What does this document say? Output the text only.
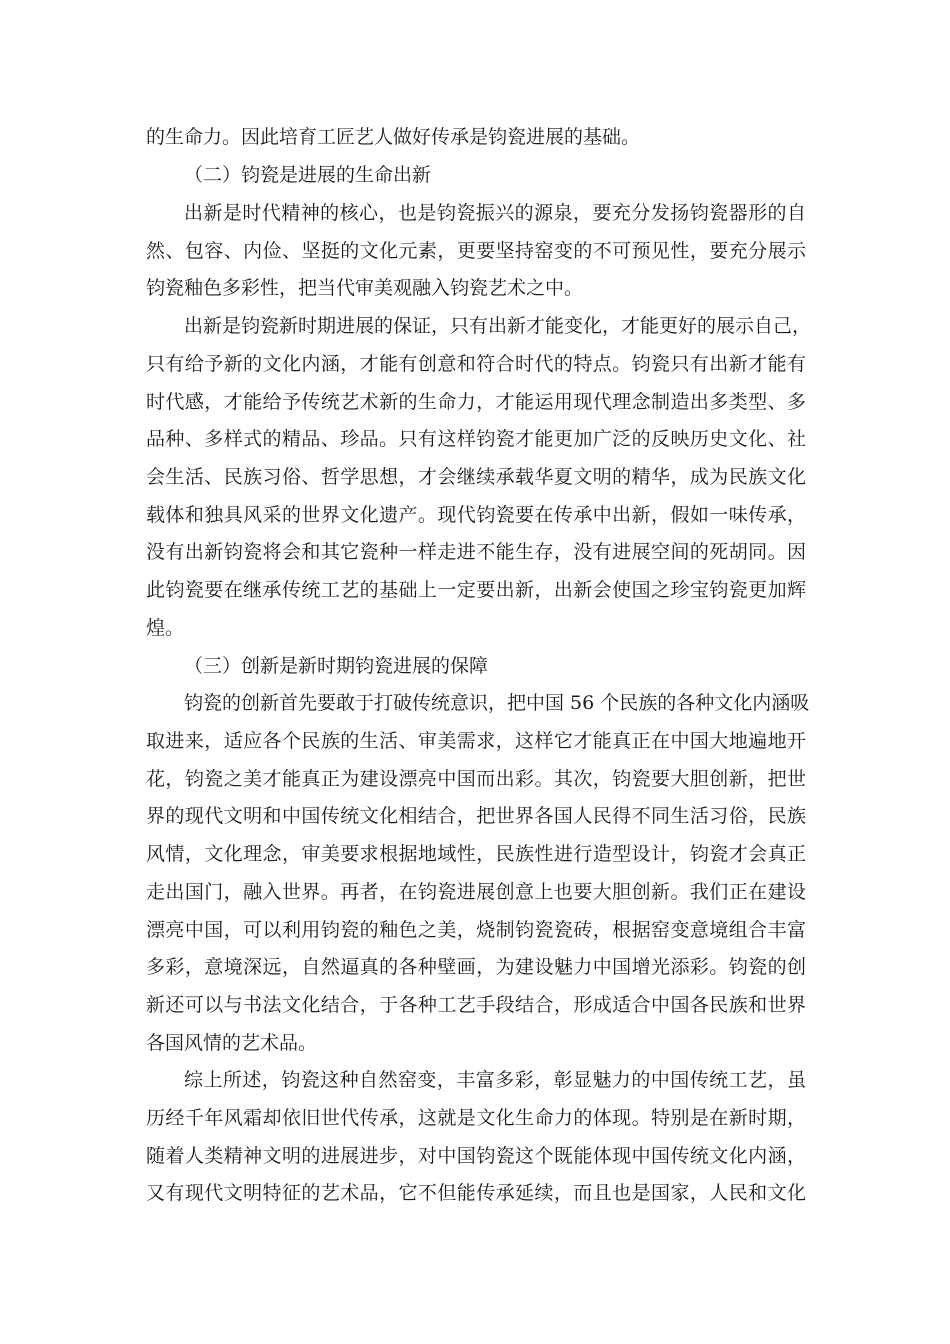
的生命力。因此培育工匠艺人做好传承是钧瓷进展的基础。
（二）钧瓷是进展的生命出新
出新是时代精神的核心，也是钧瓷振兴的源泉，要充分发扬钧瓷器形的自
然、包容、内俭、坚挺的文化元素，更要坚持窑变的不可预见性，要充分展示
钧瓷釉色多彩性，把当代审美观融入钧瓷艺术之中。
出新是钧瓷新时期进展的保证，只有出新才能变化，才能更好的展示自己，
只有给予新的文化内涵，才能有创意和符合时代的特点。钧瓷只有出新才能有
时代感，才能给予传统艺术新的生命力，才能运用现代理念制造出多类型、多
品种、多样式的精品、珍品。只有这样钧瓷才能更加广泛的反映历史文化、社
会生活、民族习俗、哲学思想，才会继续承载华夏文明的精华，成为民族文化
载体和独具风采的世界文化遗产。现代钧瓷要在传承中出新，假如一味传承，
没有出新钧瓷将会和其它瓷种一样走进不能生存，没有进展空间的死胡同。因
此钧瓷要在继承传统工艺的基础上一定要出新，出新会使国之珍宝钧瓷更加辉
煌。
（三）创新是新时期钧瓷进展的保障
钧瓷的创新首先要敢于打破传统意识，把中国 56 个民族的各种文化内涵吸
取进来，适应各个民族的生活、审美需求，这样它才能真正在中国大地遍地开
花，钧瓷之美才能真正为建设漂亮中国而出彩。其次，钧瓷要大胆创新，把世
界的现代文明和中国传统文化相结合，把世界各国人民得不同生活习俗，民族
风情，文化理念，审美要求根据地域性，民族性进行造型设计，钧瓷才会真正
走出国门，融入世界。再者，在钧瓷进展创意上也要大胆创新。我们正在建设
漂亮中国，可以利用钧瓷的釉色之美，烧制钧瓷瓷砖，根据窑变意境组合丰富
多彩，意境深远，自然逼真的各种壁画，为建设魅力中国增光添彩。钧瓷的创
新还可以与书法文化结合，于各种工艺手段结合，形成适合中国各民族和世界
各国风情的艺术品。
综上所述，钧瓷这种自然窑变，丰富多彩，彰显魅力的中国传统工艺，虽
历经千年风霜却依旧世代传承，这就是文化生命力的体现。特别是在新时期，
随着人类精神文明的进展进步，对中国钧瓷这个既能体现中国传统文化内涵，
又有现代文明特征的艺术品，它不但能传承延续，而且也是国家，人民和文化
